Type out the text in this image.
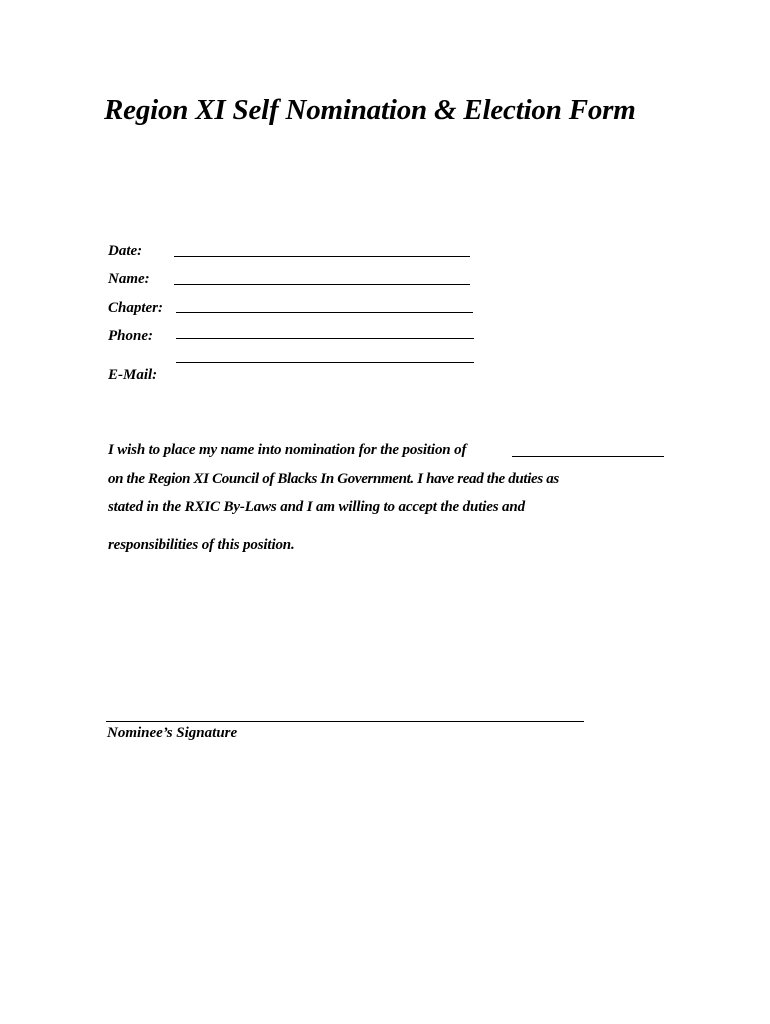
Region XI Self Nomination & Election Form
Date:
Name:
Chapter:
Phone:
E-Mail:
I wish to place my name into nomination for the position of
on the Region XI Council of Blacks In Government. I have read the duties as
stated in the RXIC By-Laws and I am willing to accept the duties and
responsibilities of this position.
Nominee’s Signature
